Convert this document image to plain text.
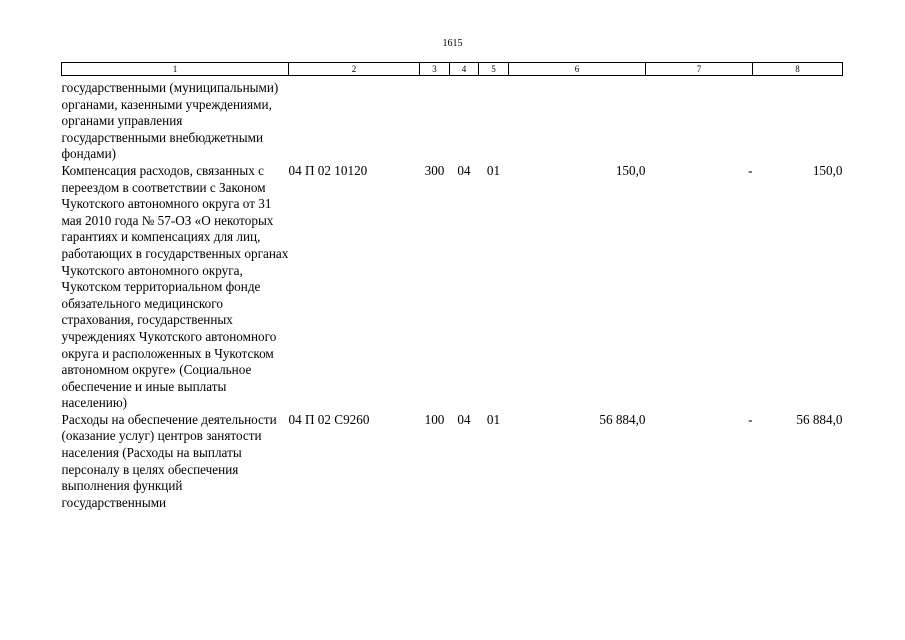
1615
1	2	3	4	5	6	7	8
государственными (муниципальными) органами, казенными учреждениями, органами управления государственными внебюджетными фондами)							
Компенсация расходов, связанных с переездом в соответствии с Законом Чукотского автономного округа от 31 мая 2010 года № 57-ОЗ «О некоторых гарантиях и компенсациях для лиц, работающих в государственных органах Чукотского автономного округа, Чукотском территориальном фонде обязательного медицинского страхования, государственных учреждениях Чукотского автономного округа и расположенных в Чукотском автономном округе» (Социальное обеспечение и иные выплаты населению)	04 П 02 10120	300	04	01	150,0	-	150,0
Расходы на обеспечение деятельности (оказание услуг) центров занятости населения (Расходы на выплаты персоналу в целях обеспечения выполнения функций государственными	04 П 02 С9260	100	04	01	56 884,0	-	56 884,0
